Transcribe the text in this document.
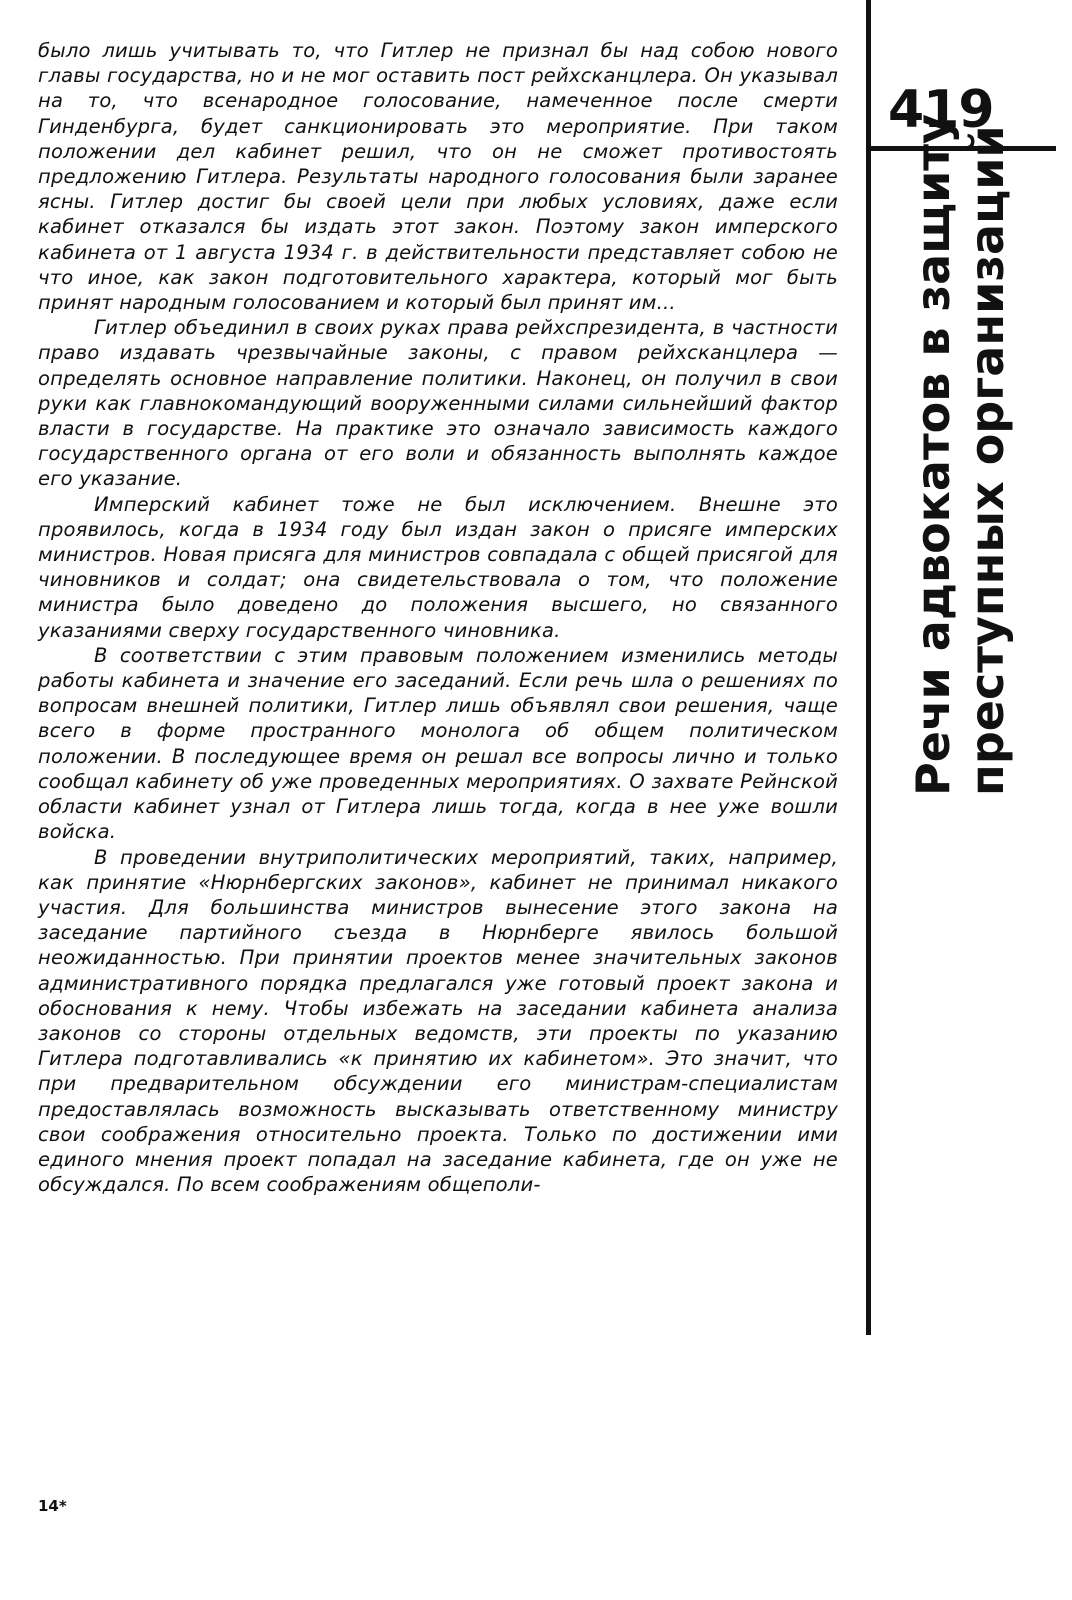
было лишь учитывать то, что Гитлер не признал бы над собою нового главы государства, но и не мог оставить пост рейхсканцлера. Он указывал на то, что всенародное голосование, намеченное после смерти Гинденбурга, будет санкционировать это мероприятие. При таком положении дел кабинет решил, что он не сможет противостоять предложению Гитлера. Результаты народного голосования были заранее ясны. Гитлер достиг бы своей цели при любых условиях, даже если кабинет отказался бы издать этот закон. Поэтому закон имперского кабинета от 1 августа 1934 г. в действительности представляет собою не что иное, как закон подготовительного характера, который мог быть принят народным голосованием и который был принят им...

Гитлер объединил в своих руках права рейхспрезидента, в частности право издавать чрезвычайные законы, с правом рейхсканцлера — определять основное направление политики. Наконец, он получил в свои руки как главнокомандующий вооруженными силами сильнейший фактор власти в государстве. На практике это означало зависимость каждого государственного органа от его воли и обязанность выполнять каждое его указание.

Имперский кабинет тоже не был исключением. Внешне это проявилось, когда в 1934 году был издан закон о присяге имперских министров. Новая присяга для министров совпадала с общей присягой для чиновников и солдат; она свидетельствовала о том, что положение министра было доведено до положения высшего, но связанного указаниями сверху государственного чиновника.

В соответствии с этим правовым положением изменились методы работы кабинета и значение его заседаний. Если речь шла о решениях по вопросам внешней политики, Гитлер лишь объявлял свои решения, чаще всего в форме пространного монолога об общем политическом положении. В последующее время он решал все вопросы лично и только сообщал кабинету об уже проведенных мероприятиях. О захвате Рейнской области кабинет узнал от Гитлера лишь тогда, когда в нее уже вошли войска.

В проведении внутриполитических мероприятий, таких, например, как принятие «Нюрнбергских законов», кабинет не принимал никакого участия. Для большинства министров вынесение этого закона на заседание партийного съезда в Нюрнберге явилось большой неожиданностью. При принятии проектов менее значительных законов административного порядка предлагался уже готовый проект закона и обоснования к нему. Чтобы избежать на заседании кабинета анализа законов со стороны отдельных ведомств, эти проекты по указанию Гитлера подготавливались «к принятию их кабинетом». Это значит, что при предварительном обсуждении его министрам-специалистам предоставлялась возможность высказывать ответственному министру свои соображения относительно проекта. Только по достижении ими единого мнения проект попадал на заседание кабинета, где он уже не обсуждался. По всем соображениям общеполи-

419
Речи адвокатов в защиту преступных организаций
14*
